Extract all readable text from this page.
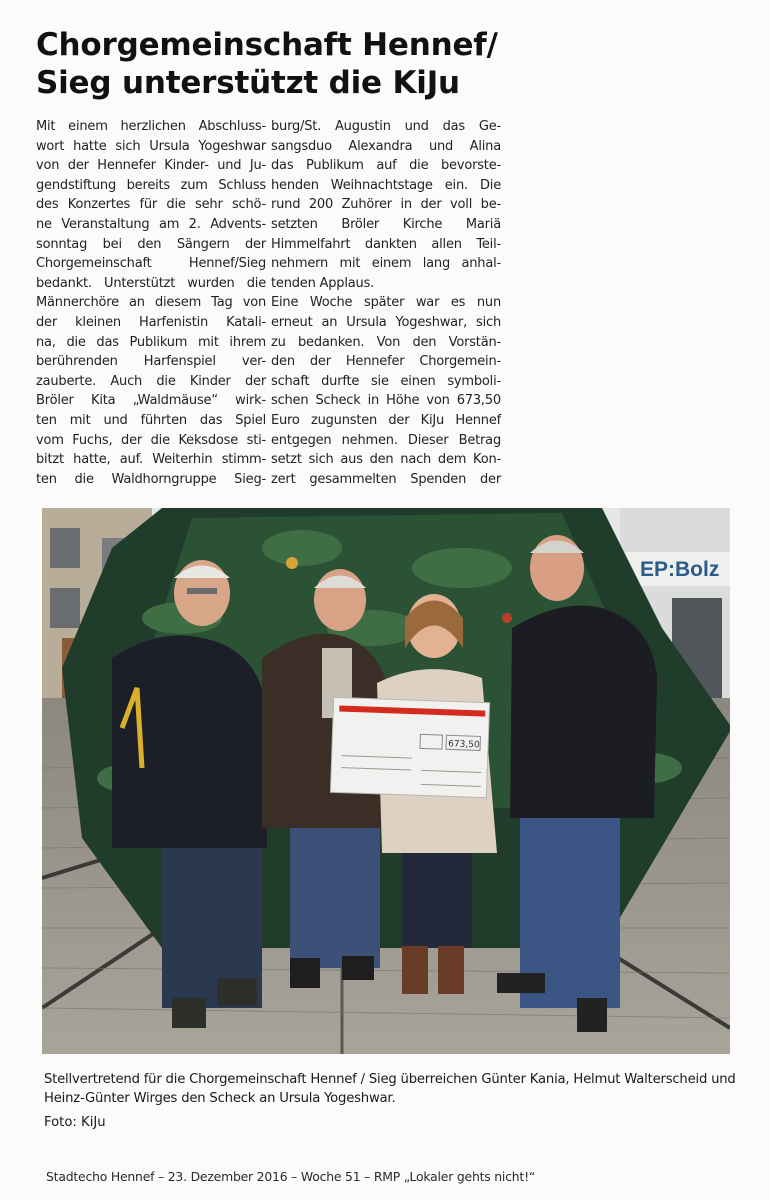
Chorgemeinschaft Hennef/
Sieg unterstützt die KiJu
Mit einem herzlichen Abschluss-
wort hatte sich Ursula Yogeshwar
von der Hennefer Kinder- und Ju-
gendstiftung bereits zum Schluss
des Konzertes für die sehr schö-
ne Veranstaltung am 2. Advents-
sonntag bei den Sängern der
Chorgemeinschaft Hennef/Sieg
bedankt. Unterstützt wurden die
Männerchöre an diesem Tag von
der kleinen Harfenistin Katali-
na, die das Publikum mit ihrem
berührenden Harfenspiel ver-
zauberte. Auch die Kinder der
Bröler Kita „Waldmäuse“ wirk-
ten mit und führten das Spiel
vom Fuchs, der die Keksdose sti-
bitzt hatte, auf. Weiterhin stimm-
ten die Waldhorngruppe Sieg-
burg/St. Augustin und das Ge-
sangsduo Alexandra und Alina
das Publikum auf die bevorste-
henden Weihnachtstage ein. Die
rund 200 Zuhörer in der voll be-
setzten Bröler Kirche Mariä
Himmelfahrt dankten allen Teil-
nehmern mit einem lang anhal-
tenden Applaus.
Eine Woche später war es nun
erneut an Ursula Yogeshwar, sich
zu bedanken. Von den Vorstän-
den der Hennefer Chorgemein-
schaft durfte sie einen symboli-
schen Scheck in Höhe von 673,50
Euro zugunsten der KiJu Hennef
entgegen nehmen. Dieser Betrag
setzt sich aus den nach dem Kon-
zert gesammelten Spenden der
EP:Bolz
673,50

Stellvertretend für die Chorgemeinschaft Hennef / Sieg überreichen Günter Kania, Helmut Walterscheid und Heinz-Günter Wirges den Scheck an Ursula Yogeshwar.

Foto: KiJu

Stadtecho Hennef – 23. Dezember 2016 – Woche 51 – RMP „Lokaler gehts nicht!“
